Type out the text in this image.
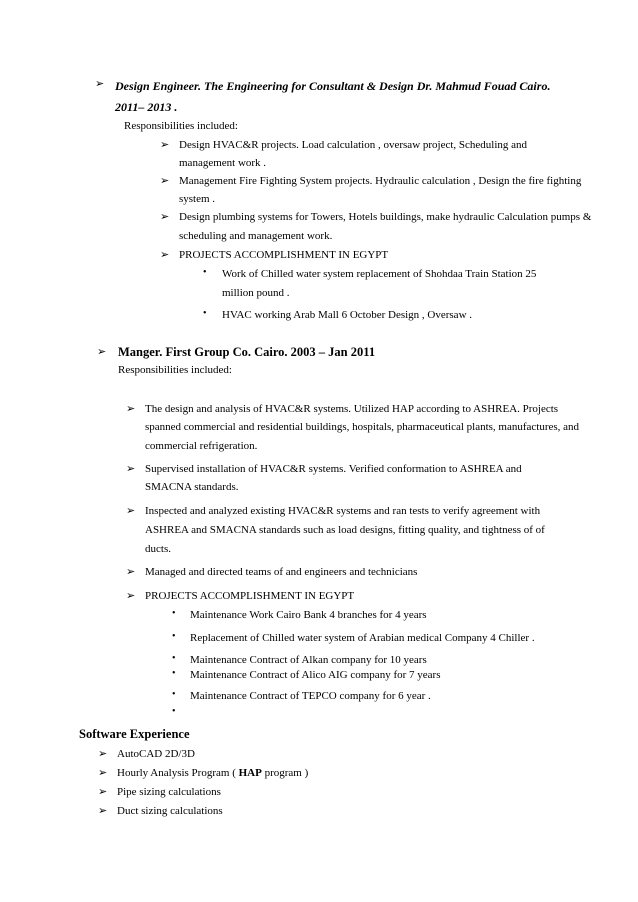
➢ Design Engineer. The Engineering for Consultant & Design Dr. Mahmud Fouad Cairo.
2011– 2013 .
Responsibilities included:
➢ Design HVAC&R projects. Load calculation , oversaw project, Scheduling and
management work .
➢ Management Fire Fighting System projects. Hydraulic calculation , Design the fire fighting
system .
➢ Design plumbing systems for Towers, Hotels buildings, make hydraulic Calculation pumps &
scheduling and management work.
➢ PROJECTS ACCOMPLISHMENT IN EGYPT
• Work of Chilled water system replacement of Shohdaa Train Station 25
million pound .
• HVAC working Arab Mall 6 October Design , Oversaw .
➢ Manger. First Group Co. Cairo. 2003 – Jan 2011
Responsibilities included:
➢ The design and analysis of HVAC&R systems. Utilized HAP according to ASHREA. Projects
spanned commercial and residential buildings, hospitals, pharmaceutical plants, manufactures, and
commercial refrigeration.
➢ Supervised installation of HVAC&R systems. Verified conformation to ASHREA and
SMACNA standards.
➢ Inspected and analyzed existing HVAC&R systems and ran tests to verify agreement with
ASHREA and SMACNA standards such as load designs, fitting quality, and tightness of of
ducts.
➢ Managed and directed teams of and engineers and technicians
➢ PROJECTS ACCOMPLISHMENT IN EGYPT
• Maintenance Work Cairo Bank 4 branches for 4 years
• Replacement of Chilled water system of Arabian medical Company 4 Chiller .
• Maintenance Contract of Alkan company for 10 years
• Maintenance Contract of Alico AIG company for 7 years
• Maintenance Contract of TEPCO company for 6 year .
•
Software Experience
➢ AutoCAD 2D/3D
➢ Hourly Analysis Program ( HAP program )
➢ Pipe sizing calculations
➢ Duct sizing calculations
